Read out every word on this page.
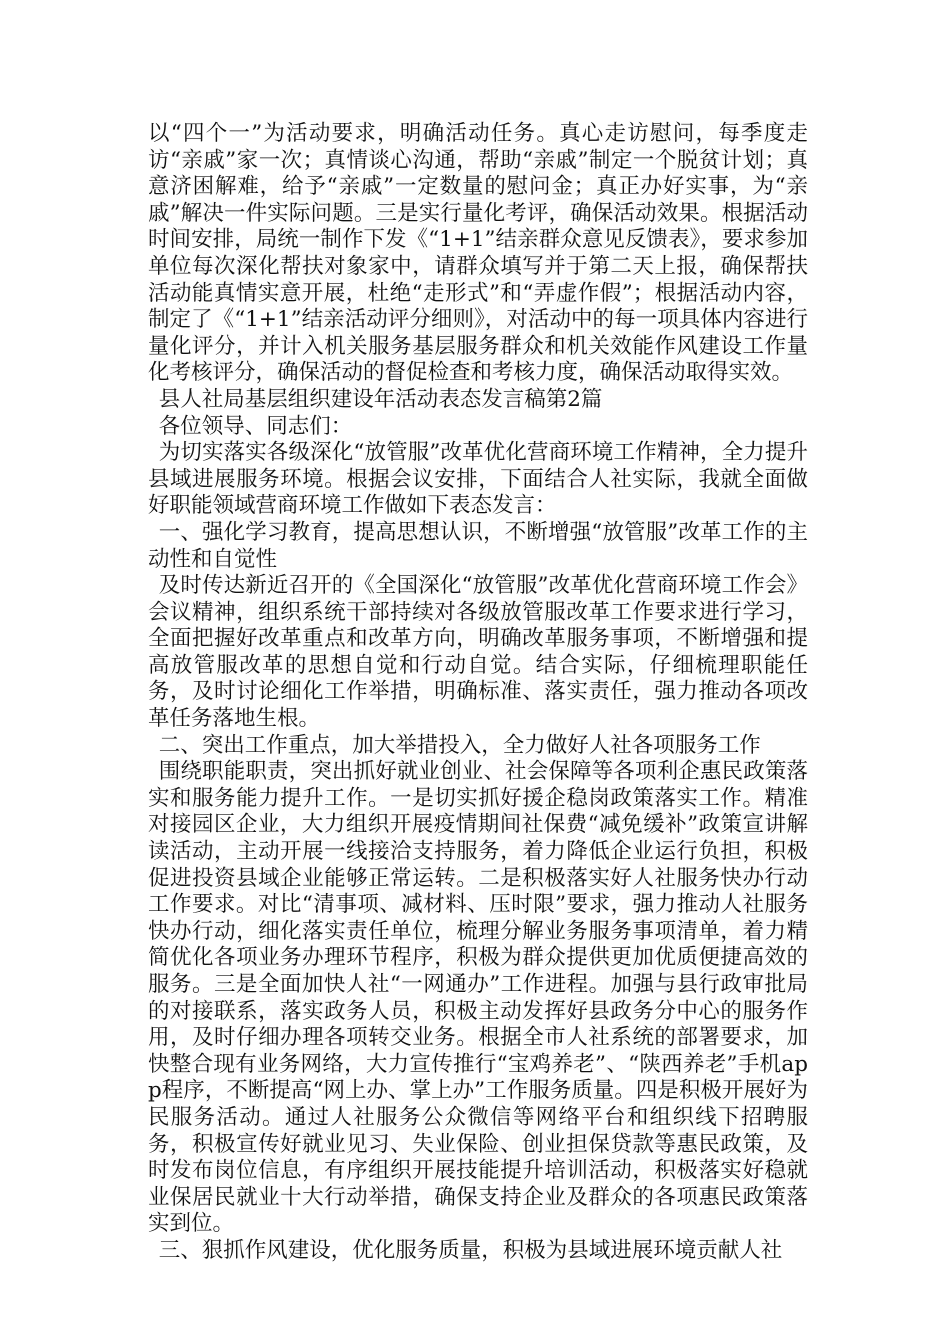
以“四个一”为活动要求，明确活动任务。真心走访慰问，每季度走访“亲戚”家一次；真情谈心沟通，帮助“亲戚”制定一个脱贫计划；真意济困解难，给予“亲戚”一定数量的慰问金；真正办好实事，为“亲戚”解决一件实际问题。三是实行量化考评，确保活动效果。根据活动时间安排，局统一制作下发《“1+1”结亲群众意见反馈表》，要求参加单位每次深化帮扶对象家中，请群众填写并于第二天上报，确保帮扶活动能真情实意开展，杜绝“走形式”和“弄虚作假”；根据活动内容，制定了《“1+1”结亲活动评分细则》，对活动中的每一项具体内容进行量化评分，并计入机关服务基层服务群众和机关效能作风建设工作量化考核评分，确保活动的督促检查和考核力度，确保活动取得实效。

县人社局基层组织建设年活动表态发言稿第2篇

各位领导、同志们：

为切实落实各级深化“放管服”改革优化营商环境工作精神，全力提升县域进展服务环境。根据会议安排，下面结合人社实际，我就全面做好职能领域营商环境工作做如下表态发言：

一、强化学习教育，提高思想认识，不断增强“放管服”改革工作的主动性和自觉性

及时传达新近召开的《全国深化“放管服”改革优化营商环境工作会》会议精神，组织系统干部持续对各级放管服改革工作要求进行学习，全面把握好改革重点和改革方向，明确改革服务事项，不断增强和提高放管服改革的思想自觉和行动自觉。结合实际，仔细梳理职能任务，及时讨论细化工作举措，明确标准、落实责任，强力推动各项改革任务落地生根。

二、突出工作重点，加大举措投入，全力做好人社各项服务工作

围绕职能职责，突出抓好就业创业、社会保障等各项利企惠民政策落实和服务能力提升工作。一是切实抓好援企稳岗政策落实工作。精准对接园区企业，大力组织开展疫情期间社保费“减免缓补”政策宣讲解读活动，主动开展一线接洽支持服务，着力降低企业运行负担，积极促进投资县域企业能够正常运转。二是积极落实好人社服务快办行动工作要求。对比“清事项、减材料、压时限”要求，强力推动人社服务快办行动，细化落实责任单位，梳理分解业务服务事项清单，着力精简优化各项业务办理环节程序，积极为群众提供更加优质便捷高效的服务。三是全面加快人社“一网通办”工作进程。加强与县行政审批局的对接联系，落实政务人员，积极主动发挥好县政务分中心的服务作用，及时仔细办理各项转交业务。根据全市人社系统的部署要求，加快整合现有业务网络，大力宣传推行“宝鸡养老”、“陕西养老”手机app程序，不断提高“网上办、掌上办”工作服务质量。四是积极开展好为民服务活动。通过人社服务公众微信等网络平台和组织线下招聘服务，积极宣传好就业见习、失业保险、创业担保贷款等惠民政策，及时发布岗位信息，有序组织开展技能提升培训活动，积极落实好稳就业保居民就业十大行动举措，确保支持企业及群众的各项惠民政策落实到位。

三、狠抓作风建设，优化服务质量，积极为县域进展环境贡献人社
